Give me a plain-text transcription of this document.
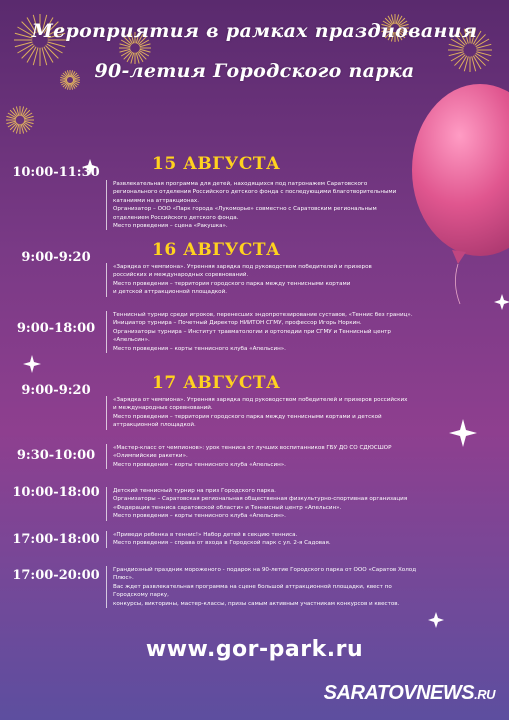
Мероприятия в рамках празднования
90-летия Городского парка
15 АВГУСТА
10:00-11:30
Развлекательная программа для детей, находящихся под патронажем Саратовского
регионального отделения Российского детского фонда с последующими благотворительными
катаниями на аттракционах.
Организатор – ООО «Парк города «Лукоморье» совместно с Саратовским региональным
отделением Российского детского фонда.
Место проведения – сцена «Ракушка».
16 АВГУСТА
9:00-9:20
«Зарядка от чемпиона». Утренняя зарядка под руководством победителей и призеров
российских и международных соревнований.
Место проведения – территория городского парка между теннисными кортами
и детской аттракционной площадкой.
9:00-18:00
Теннисный турнир среди игроков, перенесших эндопротезирование суставов, «Теннис без границ».
Инициатор турнира – Почетный Директор НИИТОН СГМУ, профессор Игорь Норкин.
Организаторы турнира – Институт травматологии и ортопедии при СГМУ и Теннисный центр «Апельсин».
Место проведения – корты теннисного клуба «Апельсин».
17 АВГУСТА
9:00-9:20
«Зарядка от чемпиона». Утренняя зарядка под руководством победителей и призеров российских
и международных соревнований.
Место проведения – территория городского парка между теннисными кортами и детской
аттракционной площадкой.
9:30-10:00	«Мастер-класс от чемпионов»: урок тенниса от лучших воспитанников ГБУ ДО СО СДЮСШОР
«Олимпийские ракетки».
Место проведения – корты теннисного клуба «Апельсин».
10:00-18:00	Детский теннисный турнир на приз Городского парка.
Организаторы – Саратовская региональная общественная физкультурно-спортивная организация
«Федерация тенниса саратовской области» и Теннисный центр «Апельсин».
Место проведения – корты теннисного клуба «Апельсин».
17:00-18:00	«Приведи ребенка в теннис!» Набор детей в секцию тенниса.
Место проведения – справа от входа в Городской парк с ул. 2-я Садовая.
17:00-20:00	Грандиозный праздник мороженого - подарок на 90-летие Городского парка от ООО «Саратов Холод Плюс».
Вас ждет развлекательная программа на сцене большой аттракционной площадки, квест по Городскому парку,
конкурсы, викторины, мастер-классы, призы самым активным участникам конкурсов и квестов.
www.gor-park.ru
SARATOVNEWS.RU
